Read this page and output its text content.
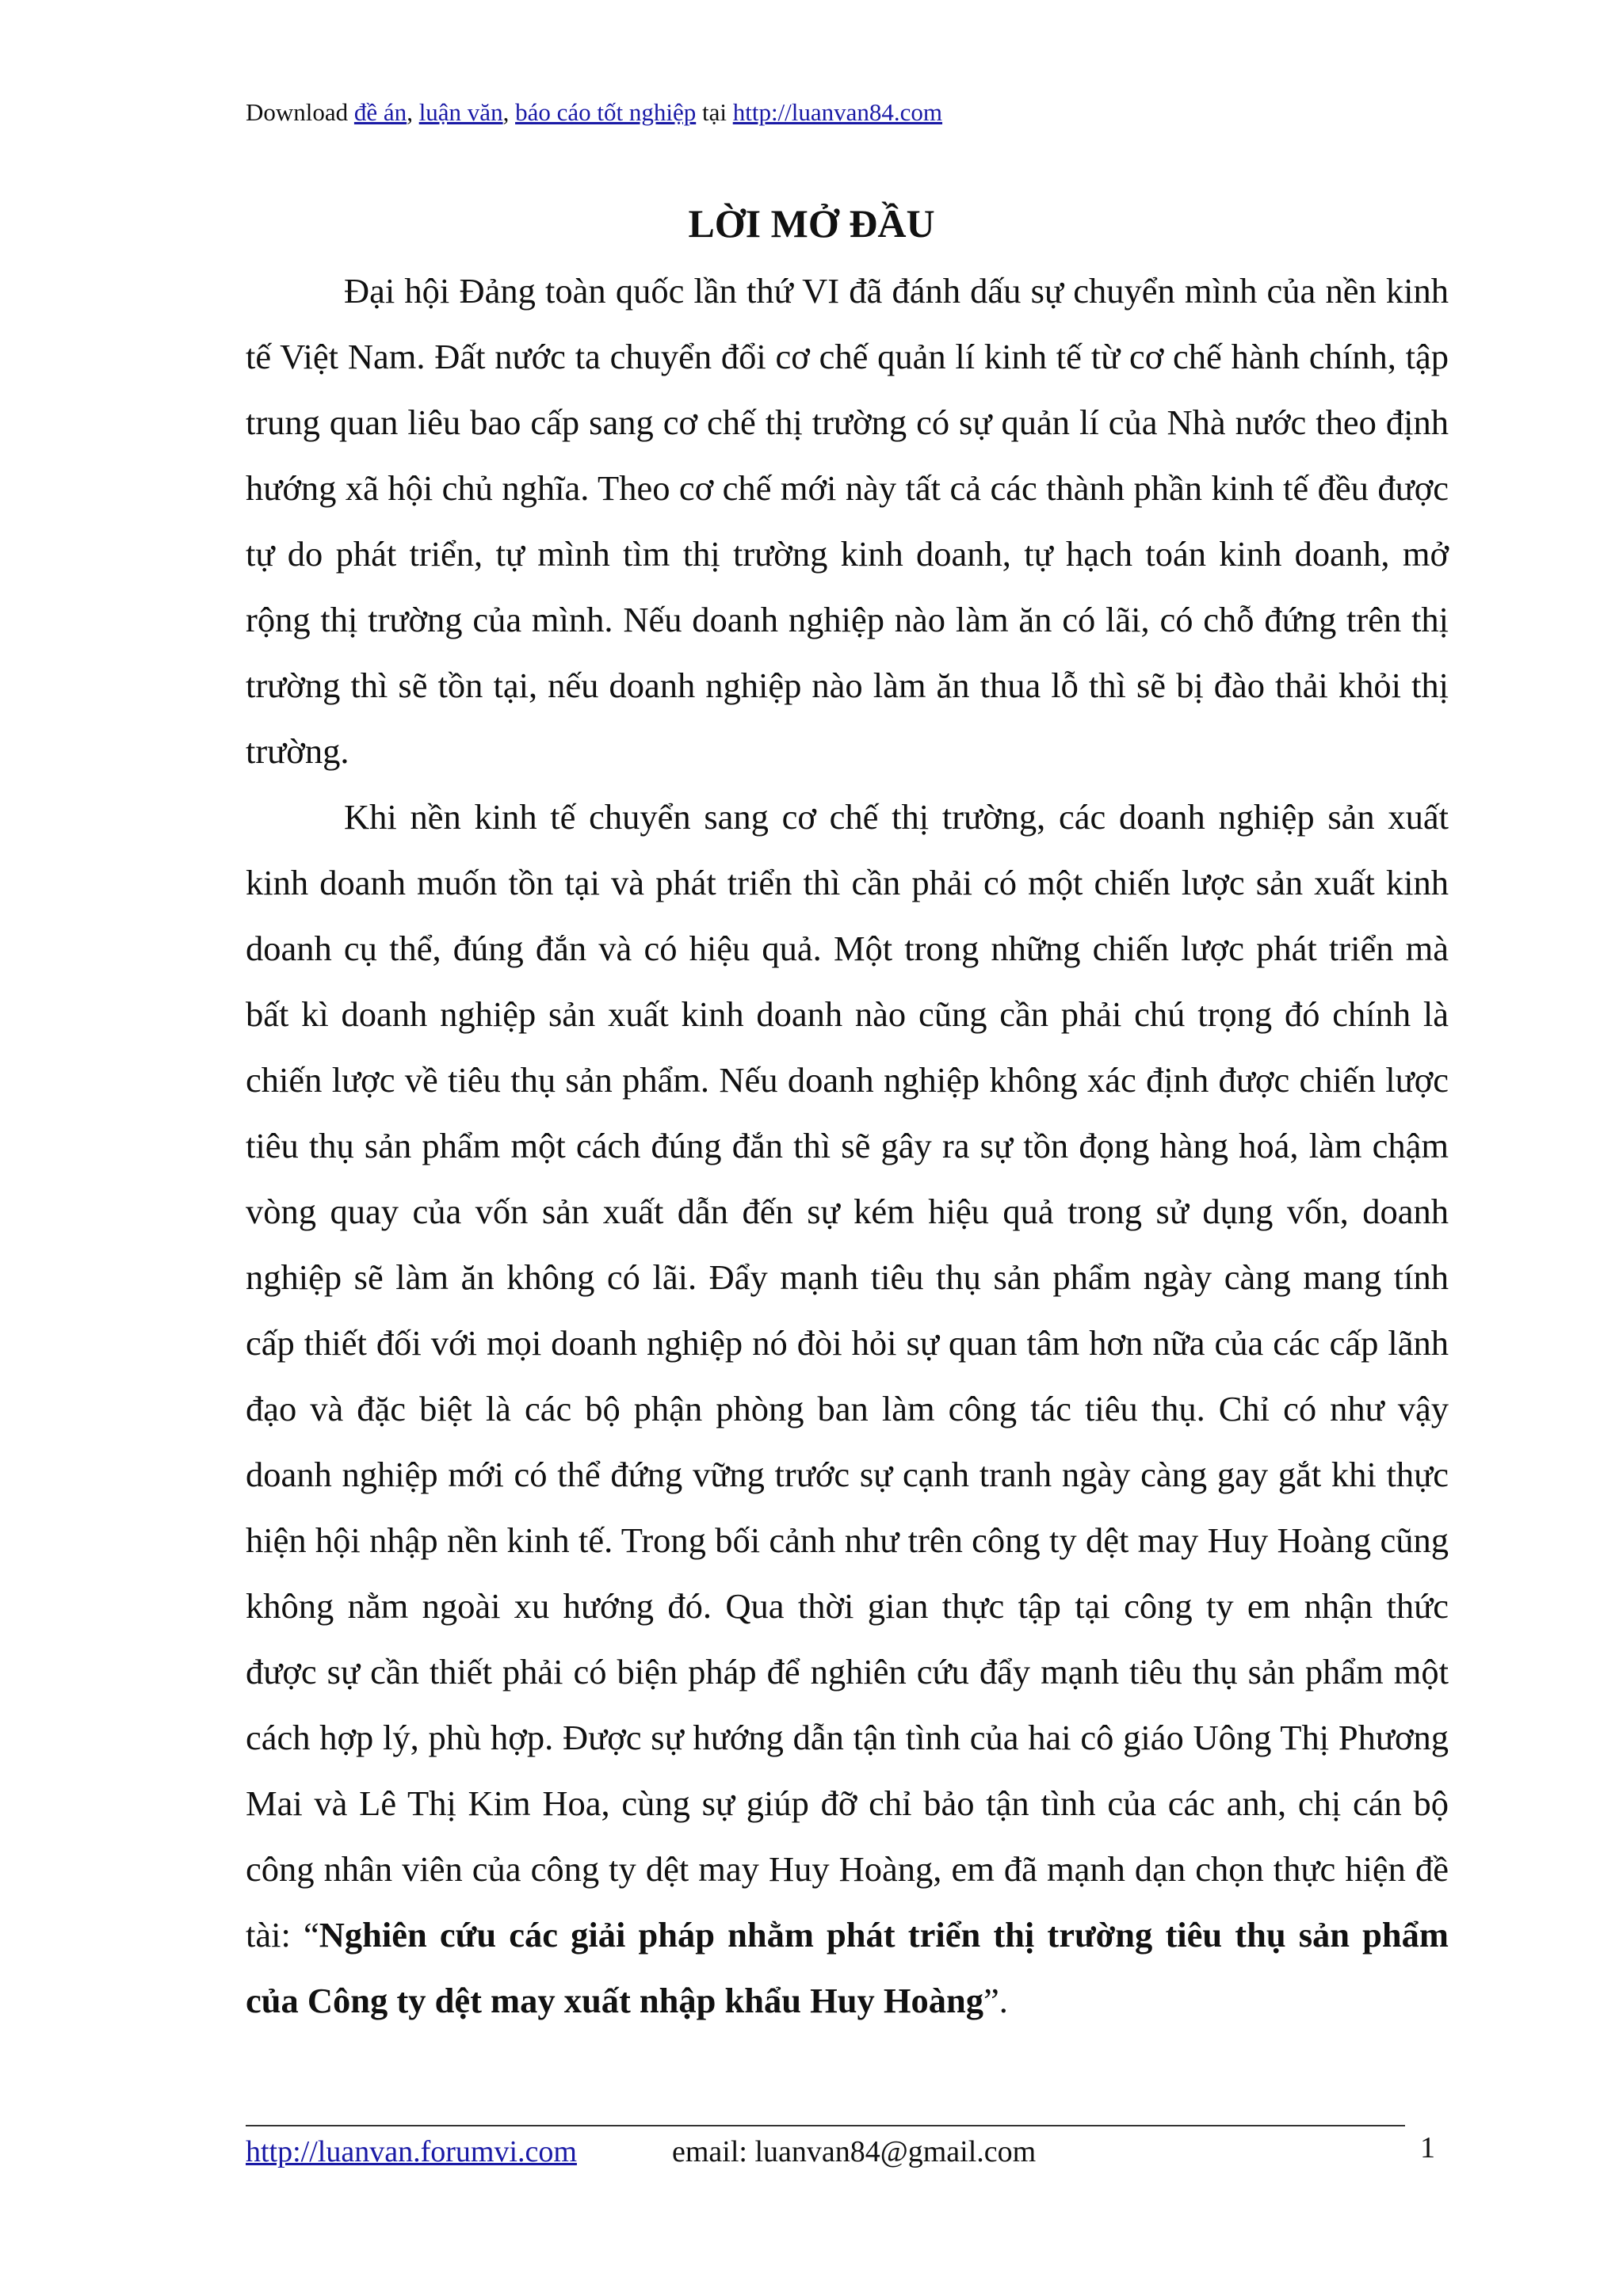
Download đề án, luận văn, báo cáo tốt nghiệp tại http://luanvan84.com
LỜI MỞ ĐẦU

Đại hội Đảng toàn quốc lần thứ VI đã đánh dấu sự chuyển mình của nền kinh tế Việt Nam. Đất nước ta chuyển đổi cơ chế quản lí kinh tế từ cơ chế hành chính, tập trung quan liêu bao cấp sang cơ chế thị trường có sự quản lí của Nhà nước theo định hướng xã hội chủ nghĩa. Theo cơ chế mới này tất cả các thành phần kinh tế đều được tự do phát triển, tự mình tìm thị trường kinh doanh, tự hạch toán kinh doanh, mở rộng thị trường của mình. Nếu doanh nghiệp nào làm ăn có lãi, có chỗ đứng trên thị trường thì sẽ tồn tại, nếu doanh nghiệp nào làm ăn thua lỗ thì sẽ bị đào thải khỏi thị trường.

Khi nền kinh tế chuyển sang cơ chế thị trường, các doanh nghiệp sản xuất kinh doanh muốn tồn tại và phát triển thì cần phải có một chiến lược sản xuất kinh doanh cụ thể, đúng đắn và có hiệu quả. Một trong những chiến lược phát triển mà bất kì doanh nghiệp sản xuất kinh doanh nào cũng cần phải chú trọng đó chính là chiến lược về tiêu thụ sản phẩm. Nếu doanh nghiệp không xác định được chiến lược tiêu thụ sản phẩm một cách đúng đắn thì sẽ gây ra sự tồn đọng hàng hoá, làm chậm vòng quay của vốn sản xuất dẫn đến sự kém hiệu quả trong sử dụng vốn, doanh nghiệp sẽ làm ăn không có lãi. Đẩy mạnh tiêu thụ sản phẩm ngày càng mang tính cấp thiết đối với mọi doanh nghiệp nó đòi hỏi sự quan tâm hơn nữa của các cấp lãnh đạo và đặc biệt là các bộ phận phòng ban làm công tác tiêu thụ. Chỉ có như vậy doanh nghiệp mới có thể đứng vững trước sự cạnh tranh ngày càng gay gắt khi thực hiện hội nhập nền kinh tế. Trong bối cảnh như trên công ty dệt may Huy Hoàng cũng không nằm ngoài xu hướng đó. Qua thời gian thực tập tại công ty em nhận thức được sự cần thiết phải có biện pháp để nghiên cứu đẩy mạnh tiêu thụ sản phẩm một cách hợp lý, phù hợp. Được sự hướng dẫn tận tình của hai cô giáo Uông Thị Phương Mai và Lê Thị Kim Hoa, cùng sự giúp đỡ chỉ bảo tận tình của các anh, chị cán bộ công nhân viên của công ty dệt may Huy Hoàng, em đã mạnh dạn chọn thực hiện đề tài: “Nghiên cứu các giải pháp nhằm phát triển thị trường tiêu thụ sản phẩm của Công ty dệt may xuất nhập khẩu Huy Hoàng”.

http://luanvan.forumvi.com	email: luanvan84@gmail.com	1
